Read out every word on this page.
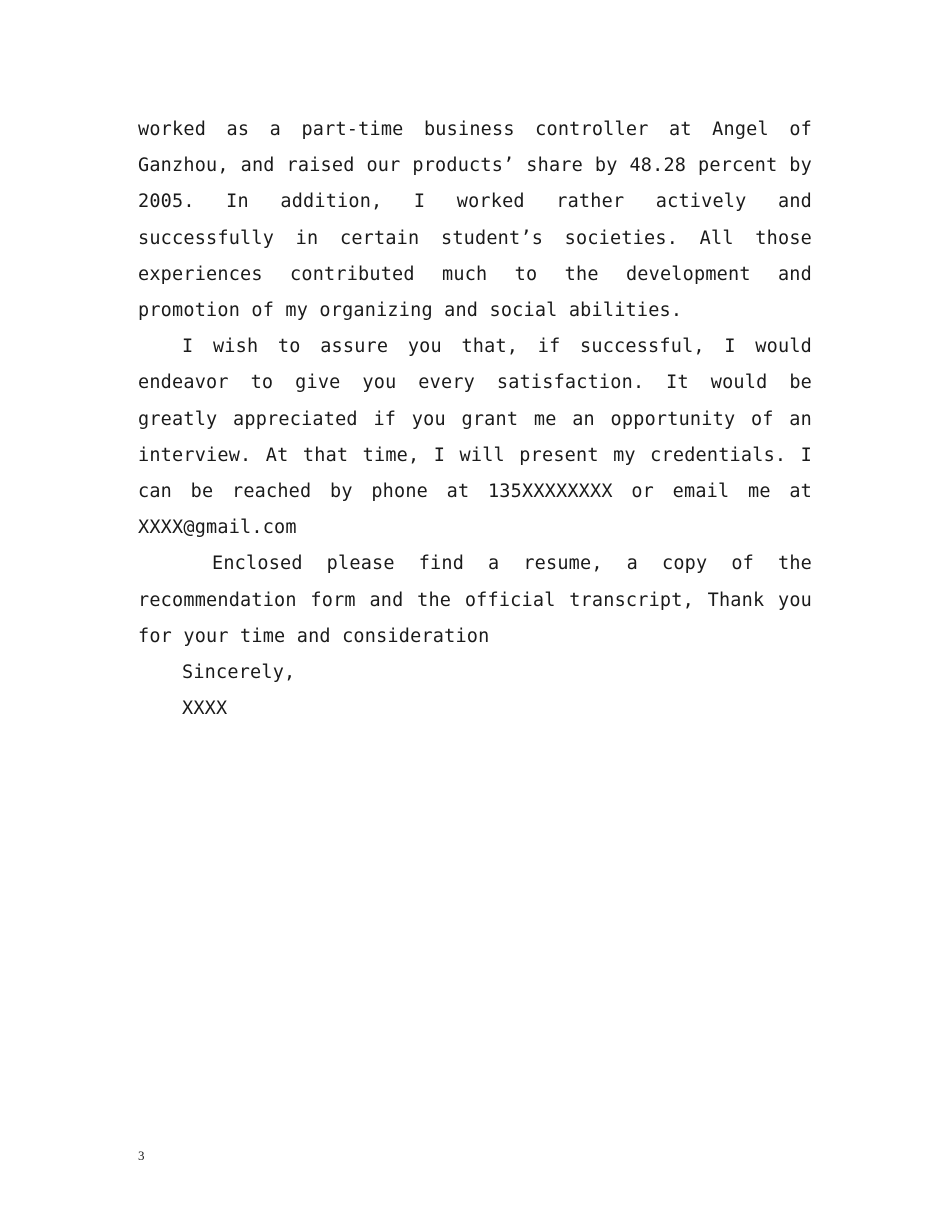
worked as a part-time business controller at Angel of Ganzhou, and raised our products’ share by 48.28 percent by 2005. In addition, I worked rather actively and successfully in certain student’s societies. All those experiences contributed much to the development and promotion of my organizing and social abilities.

I wish to assure you that, if successful, I would endeavor to give you every satisfaction. It would be greatly appreciated if you grant me an opportunity of an interview. At that time, I will present my credentials. I can be reached by phone at 135XXXXXXXX or email me at XXXX@gmail.com

Enclosed please find a resume, a copy of the recommendation form and the official transcript, Thank you for your time and consideration

Sincerely,

XXXX

3
